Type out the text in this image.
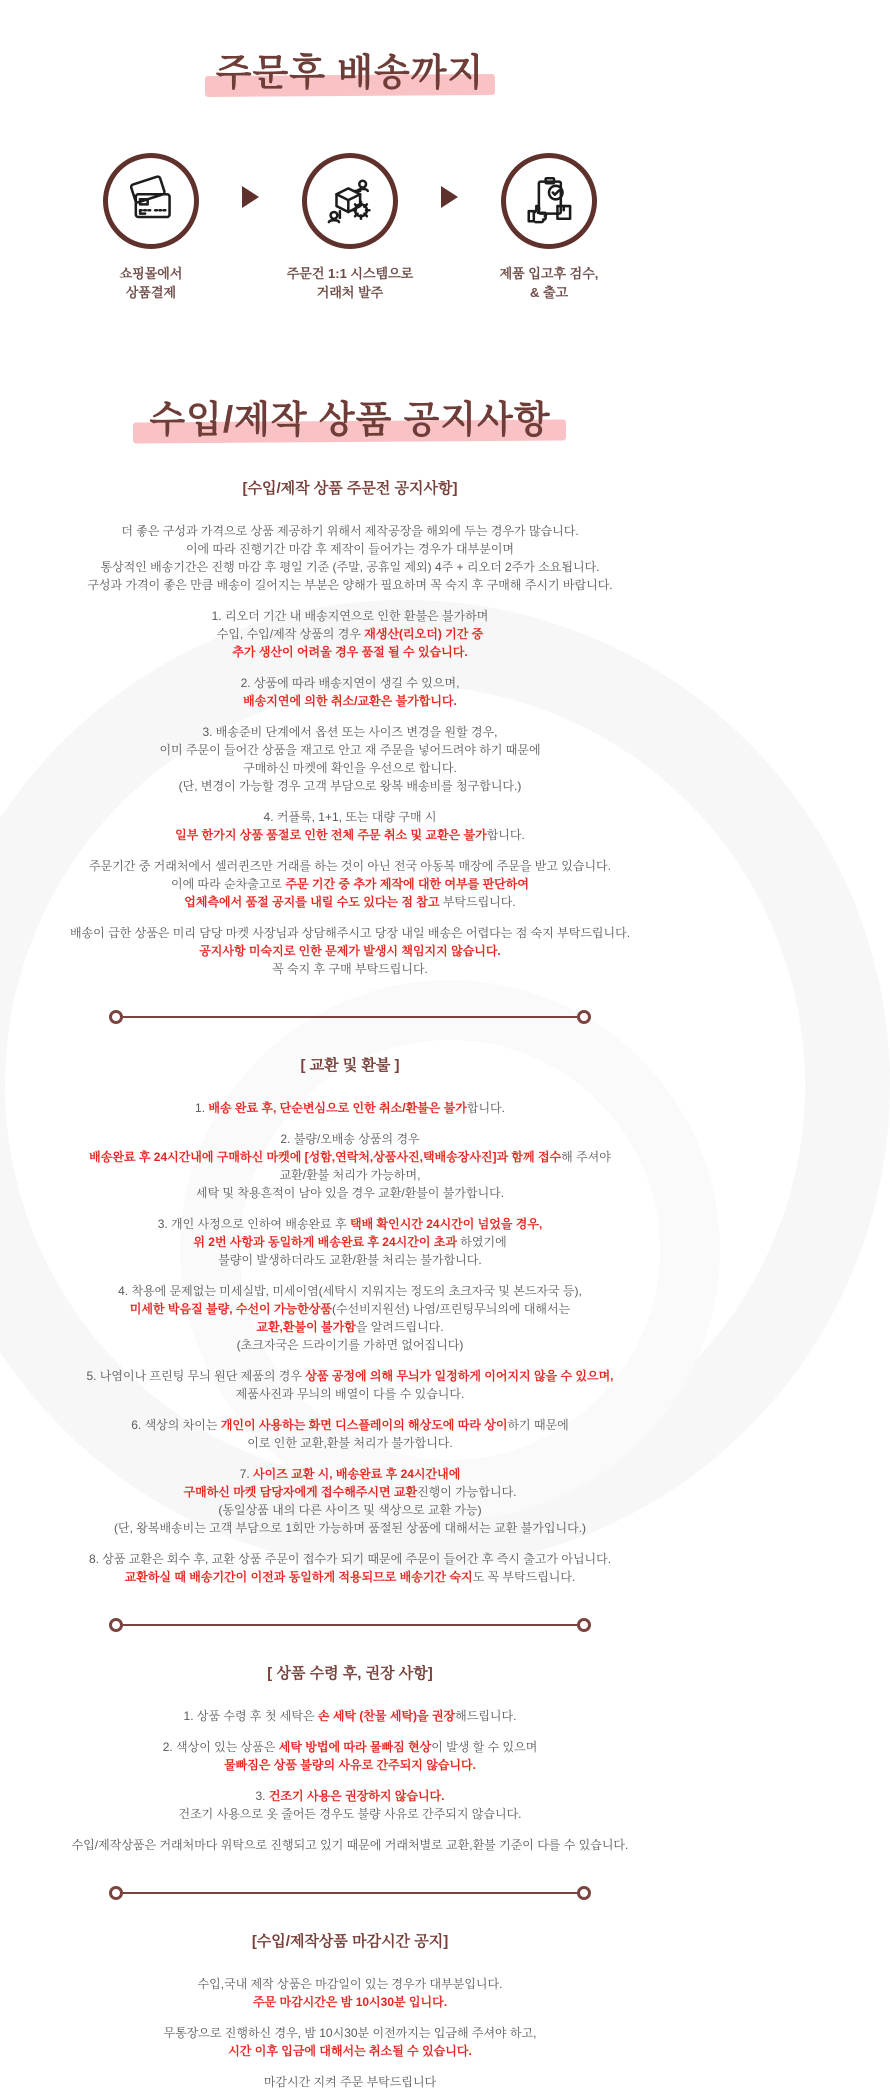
주문후 배송까지
쇼핑몰에서
상품결제
주문건 1:1 시스템으로
거래처 발주
제품 입고후 검수,
& 출고
수입/제작 상품 공지사항
[수입/제작 상품 주문전 공지사항]
더 좋은 구성과 가격으로 상품 제공하기 위해서 제작공장을 해외에 두는 경우가 많습니다.
이에 따라 진행기간 마감 후 제작이 들어가는 경우가 대부분이며
통상적인 배송기간은 진행 마감 후 평일 기준 (주말, 공휴일 제외) 4주 + 리오더 2주가 소요됩니다.
구성과 가격이 좋은 만큼 배송이 길어지는 부분은 양해가 필요하며 꼭 숙지 후 구매해 주시기 바랍니다.
1. 리오더 기간 내 배송지연으로 인한 환불은 불가하며
수입, 수입/제작 상품의 경우 재생산(리오더) 기간 중
추가 생산이 어려울 경우 품절 될 수 있습니다.
2. 상품에 따라 배송지연이 생길 수 있으며,
배송지연에 의한 취소/교환은 불가합니다.
3. 배송준비 단계에서 옵션 또는 사이즈 변경을 원할 경우,
이미 주문이 들어간 상품을 재고로 안고 재 주문을 넣어드려야 하기 때문에
구매하신 마켓에 확인을 우선으로 합니다.
(단, 변경이 가능할 경우 고객 부담으로 왕복 배송비를 청구합니다.)
4. 커플룩, 1+1, 또는 대량 구매 시
일부 한가지 상품 품절로 인한 전체 주문 취소 및 교환은 불가합니다.
주문기간 중 거래처에서 셀러퀸즈만 거래를 하는 것이 아닌 전국 아동복 매장에 주문을 받고 있습니다.
이에 따라 순차출고로 주문 기간 중 추가 제작에 대한 여부를 판단하여
업체측에서 품절 공지를 내릴 수도 있다는 점 참고 부탁드립니다.
배송이 급한 상품은 미리 담당 마켓 사장님과 상담해주시고 당장 내일 배송은 어렵다는 점 숙지 부탁드립니다.
공지사항 미숙지로 인한 문제가 발생시 책임지지 않습니다.
꼭 숙지 후 구매 부탁드립니다.
[ 교환 및 환불 ]
1. 배송 완료 후, 단순변심으로 인한 취소/환불은 불가합니다.
2. 불량/오배송 상품의 경우
배송완료 후 24시간내에 구매하신 마켓에 [성함,연락처,상품사진,택배송장사진]과 함께 접수해 주셔야
교환/환불 처리가 가능하며,
세탁 및 착용흔적이 남아 있을 경우 교환/환불이 불가합니다.
3. 개인 사정으로 인하여 배송완료 후 택배 확인시간 24시간이 넘었을 경우,
위 2번 사항과 동일하게 배송완료 후 24시간이 초과 하였기에
불량이 발생하더라도 교환/환불 처리는 불가합니다.
4. 착용에 문제없는 미세실밥, 미세이염(세탁시 지워지는 정도의 초크자국 및 본드자국 등),
미세한 박음질 불량, 수선이 가능한상품(수선비지원선) 나염/프린팅무늬의에 대해서는
교환,환불이 불가함을 알려드립니다.
(초크자국은 드라이기를 가하면 없어집니다)
5. 나염이나 프린팅 무늬 원단 제품의 경우 상품 공정에 의해 무늬가 일정하게 이어지지 않을 수 있으며,
제품사진과 무늬의 배열이 다를 수 있습니다.
6. 색상의 차이는 개인이 사용하는 화면 디스플레이의 해상도에 따라 상이하기 때문에
이로 인한 교환,환불 처리가 불가합니다.
7. 사이즈 교환 시, 배송완료 후 24시간내에
구매하신 마켓 담당자에게 접수해주시면 교환진행이 가능합니다.
(동일상품 내의 다른 사이즈 및 색상으로 교환 가능)
(단, 왕복배송비는 고객 부담으로 1회만 가능하며 품절된 상품에 대해서는 교환 불가입니다.)
8. 상품 교환은 회수 후, 교환 상품 주문이 접수가 되기 때문에 주문이 들어간 후 즉시 출고가 아닙니다.
교환하실 때 배송기간이 이전과 동일하게 적용되므로 배송기간 숙지도 꼭 부탁드립니다.
[ 상품 수령 후, 권장 사항]
1. 상품 수령 후 첫 세탁은 손 세탁 (찬물 세탁)을 권장해드립니다.
2. 색상이 있는 상품은 세탁 방법에 따라 물빠짐 현상이 발생 할 수 있으며
물빠짐은 상품 불량의 사유로 간주되지 않습니다.
3. 건조기 사용은 권장하지 않습니다.
건조기 사용으로 옷 줄어든 경우도 불량 사유로 간주되지 않습니다.
수입/제작상품은 거래처마다 위탁으로 진행되고 있기 때문에 거래처별로 교환,환불 기준이 다를 수 있습니다.
[수입/제작상품 마감시간 공지]
수입,국내 제작 상품은 마감일이 있는 경우가 대부분입니다.
주문 마감시간은 밤 10시30분 입니다.
무통장으로 진행하신 경우, 밤 10시30분 이전까지는 입금해 주셔야 하고,
시간 이후 입금에 대해서는 취소될 수 있습니다.
마감시간 지켜 주문 부탁드립니다
